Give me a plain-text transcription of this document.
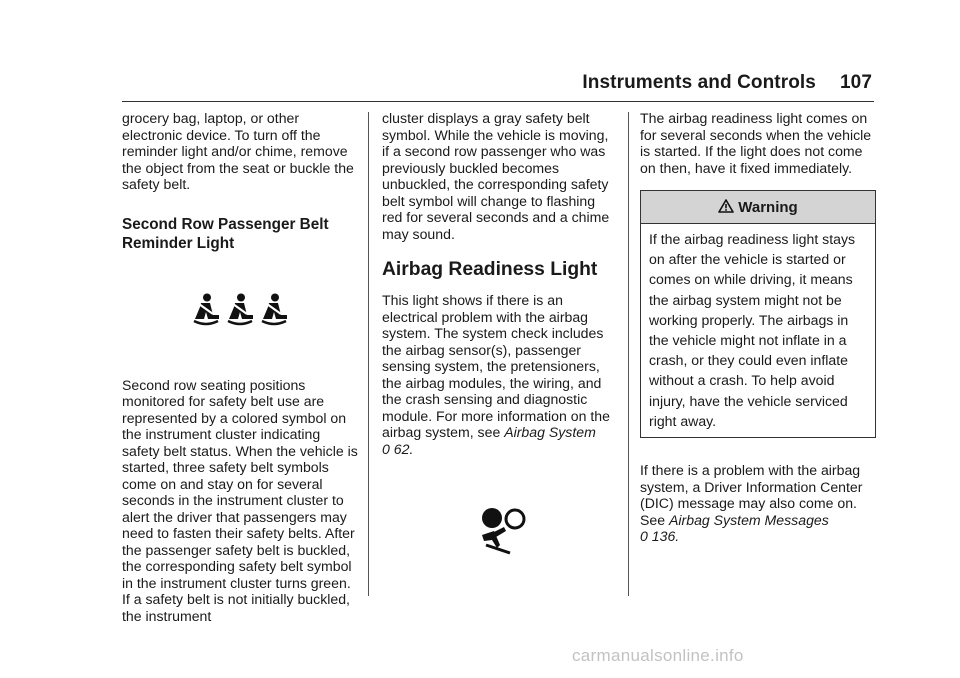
Instruments and Controls 107

grocery bag, laptop, or other electronic device. To turn off the reminder light and/or chime, remove the object from the seat or buckle the safety belt.

Second Row Passenger Belt Reminder Light

Second row seating positions monitored for safety belt use are represented by a colored symbol on the instrument cluster indicating safety belt status. When the vehicle is started, three safety belt symbols come on and stay on for several seconds in the instrument cluster to alert the driver that passengers may need to fasten their safety belts. After the passenger safety belt is buckled, the corresponding safety belt symbol in the instrument cluster turns green. If a safety belt is not initially buckled, the instrument

cluster displays a gray safety belt symbol. While the vehicle is moving, if a second row passenger who was previously buckled becomes unbuckled, the corresponding safety belt symbol will change to flashing red for several seconds and a chime may sound.

Airbag Readiness Light

This light shows if there is an electrical problem with the airbag system. The system check includes the airbag sensor(s), passenger sensing system, the pretensioners, the airbag modules, the wiring, and the crash sensing and diagnostic module. For more information on the airbag system, see Airbag System
0 62.

The airbag readiness light comes on for several seconds when the vehicle is started. If the light does not come on then, have it fixed immediately.

Warning
If the airbag readiness light stays on after the vehicle is started or comes on while driving, it means the airbag system might not be working properly. The airbags in the vehicle might not inflate in a crash, or they could even inflate without a crash. To help avoid injury, have the vehicle serviced right away.

If there is a problem with the airbag system, a Driver Information Center (DIC) message may also come on. See Airbag System Messages
0 136.

carmanualsonline.info
